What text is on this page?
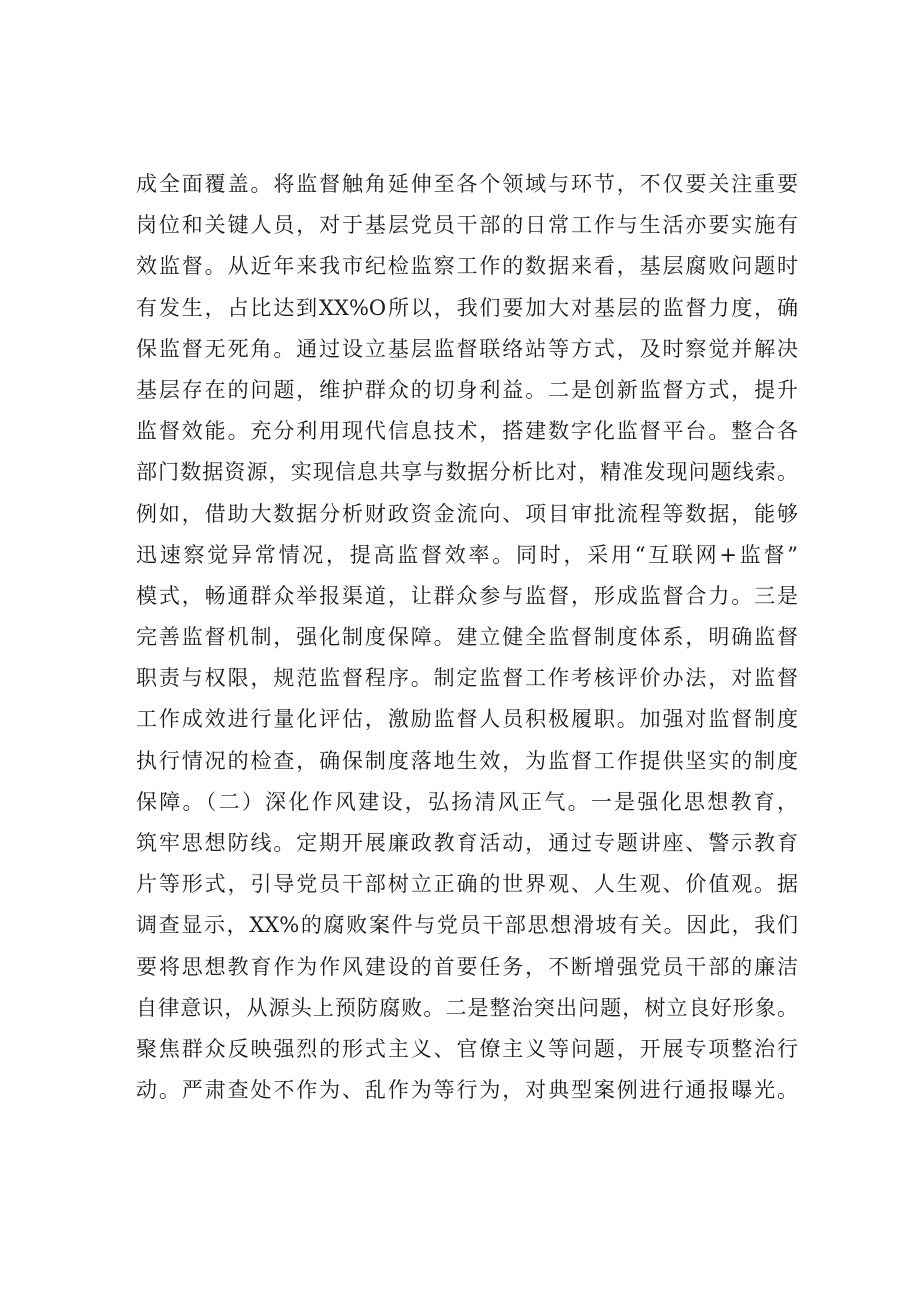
成全面覆盖。将监督触角延伸至各个领域与环节，不仅要关注重要
岗位和关键人员，对于基层党员干部的日常工作与生活亦要实施有
效监督。从近年来我市纪检监察工作的数据来看，基层腐败问题时
有发生，占比达到XX%O所以，我们要加大对基层的监督力度，确
保监督无死角。通过设立基层监督联络站等方式，及时察觉并解决
基层存在的问题，维护群众的切身利益。二是创新监督方式，提升
监督效能。充分利用现代信息技术，搭建数字化监督平台。整合各
部门数据资源，实现信息共享与数据分析比对，精准发现问题线索。
例如，借助大数据分析财政资金流向、项目审批流程等数据，能够
迅速察觉异常情况，提高监督效率。同时，采用“互联网+监督”
模式，畅通群众举报渠道，让群众参与监督，形成监督合力。三是
完善监督机制，强化制度保障。建立健全监督制度体系，明确监督
职责与权限，规范监督程序。制定监督工作考核评价办法，对监督
工作成效进行量化评估，激励监督人员积极履职。加强对监督制度
执行情况的检查，确保制度落地生效，为监督工作提供坚实的制度
保障。（二）深化作风建设，弘扬清风正气。一是强化思想教育，
筑牢思想防线。定期开展廉政教育活动，通过专题讲座、警示教育
片等形式，引导党员干部树立正确的世界观、人生观、价值观。据
调查显示，XX%的腐败案件与党员干部思想滑坡有关。因此，我们
要将思想教育作为作风建设的首要任务，不断增强党员干部的廉洁
自律意识，从源头上预防腐败。二是整治突出问题，树立良好形象。
聚焦群众反映强烈的形式主义、官僚主义等问题，开展专项整治行
动。严肃查处不作为、乱作为等行为，对典型案例进行通报曝光。
